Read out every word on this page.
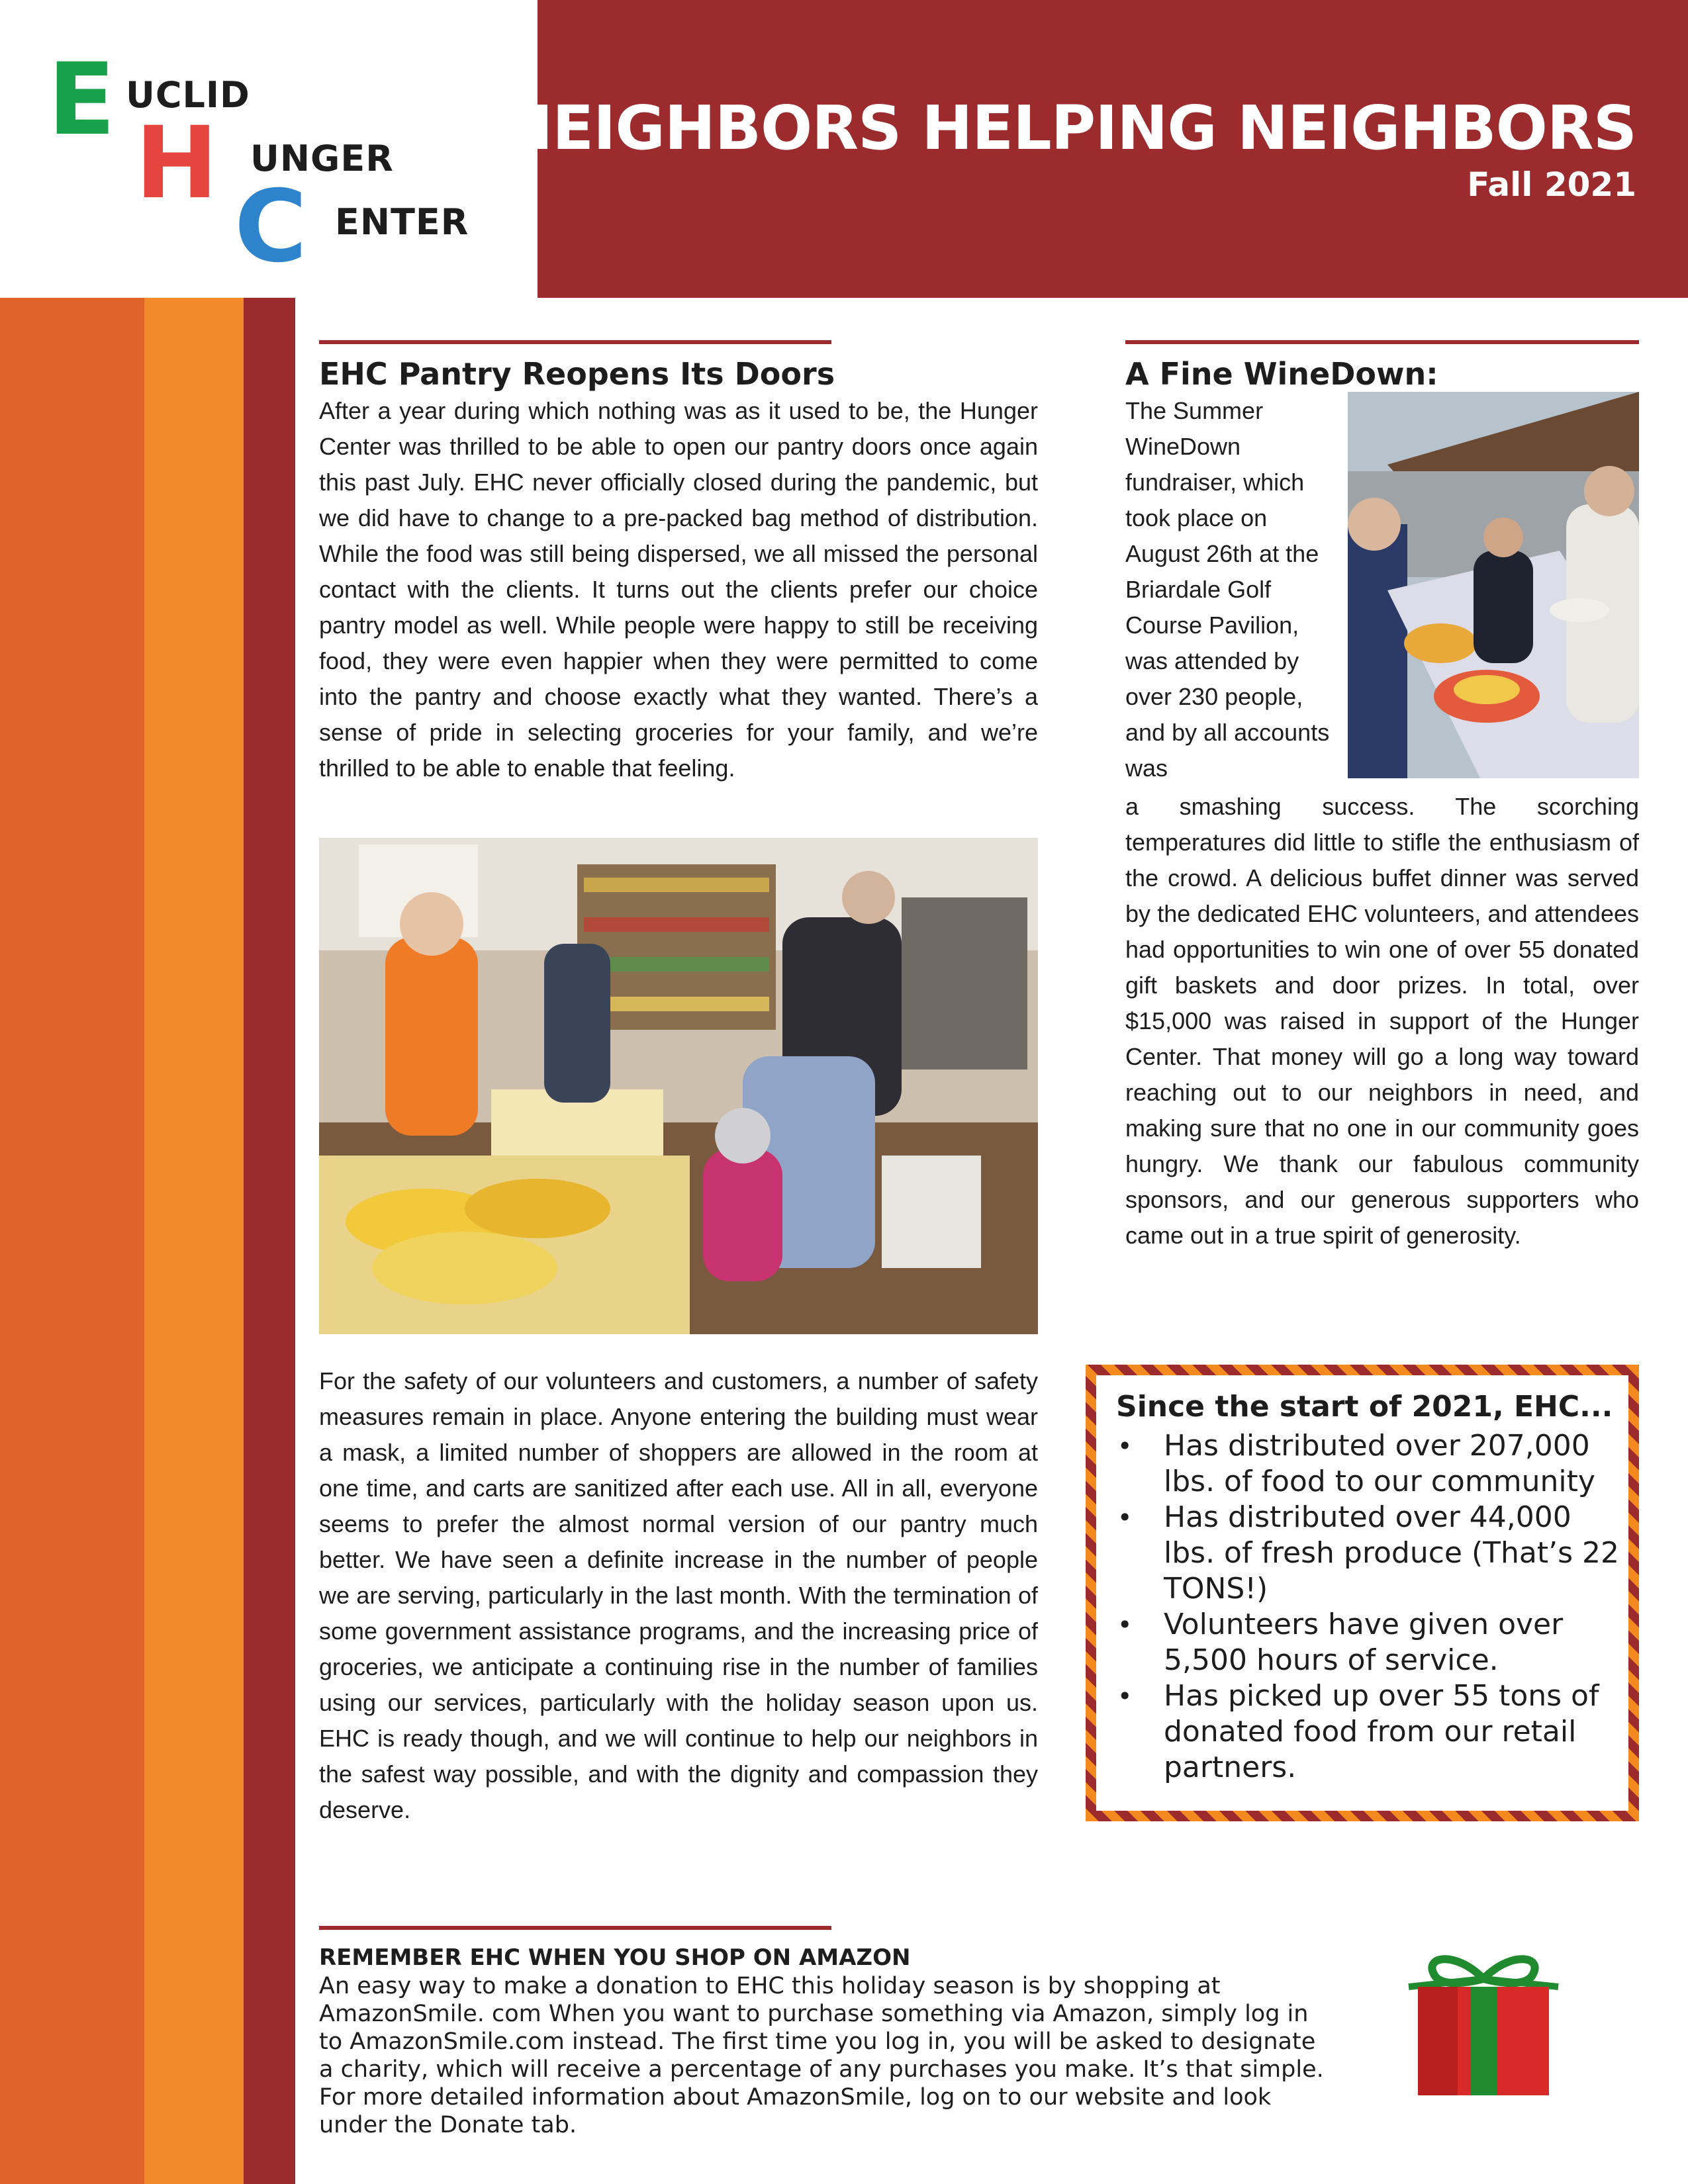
E UCLID
H UNGER
C ENTER
NEIGHBORS HELPING NEIGHBORS
Fall 2021
EHC Pantry Reopens Its Doors
After a year during which nothing was as it used to be, the Hunger Center was thrilled to be able to open our pantry doors once again this past July. EHC never officially closed during the pandemic, but we did have to change to a pre-packed bag method of distribution. While the food was still being dispersed, we all missed the personal contact with the clients. It turns out the clients prefer our choice pantry model as well. While people were happy to still be receiving food, they were even happier when they were permitted to come into the pantry and choose exactly what they wanted. There’s a sense of pride in selecting groceries for your family, and we’re thrilled to be able to enable that feeling.
For the safety of our volunteers and customers, a number of safety measures remain in place. Anyone entering the building must wear a mask, a limited number of shoppers are allowed in the room at one time, and carts are sanitized after each use. All in all, everyone seems to prefer the almost normal version of our pantry much better. We have seen a definite increase in the number of people we are serving, particularly in the last month. With the termination of some government assistance programs, and the increasing price of groceries, we anticipate a continuing rise in the number of families using our services, particularly with the holiday season upon us. EHC is ready though, and we will continue to help our neighbors in the safest way possible, and with the dignity and compassion they deserve.
A Fine WineDown:
The Summer WineDown fundraiser, which took place on August 26th at the Briardale Golf Course Pavilion, was attended by over 230 people, and by all accounts was
a smashing success. The scorching temperatures did little to stifle the enthusiasm of the crowd. A delicious buffet dinner was served by the dedicated EHC volunteers, and attendees had opportunities to win one of over 55 donated gift baskets and door prizes. In total, over $15,000 was raised in support of the Hunger Center. That money will go a long way toward reaching out to our neighbors in need, and making sure that no one in our community goes hungry. We thank our fabulous community sponsors, and our generous supporters who came out in a true spirit of generosity.
Since the start of 2021, EHC...
• Has distributed over 207,000 lbs. of food to our community
• Has distributed over 44,000 lbs. of fresh produce (That’s 22 TONS!)
• Volunteers have given over 5,500 hours of service.
• Has picked up over 55 tons of donated food from our retail partners.
REMEMBER EHC WHEN YOU SHOP ON AMAZON
An easy way to make a donation to EHC this holiday season is by shopping at AmazonSmile. com When you want to purchase something via Amazon, simply log in to AmazonSmile.com instead. The first time you log in, you will be asked to designate a charity, which will receive a percentage of any purchases you make. It’s that simple. For more detailed information about AmazonSmile, log on to our website and look under the Donate tab.
